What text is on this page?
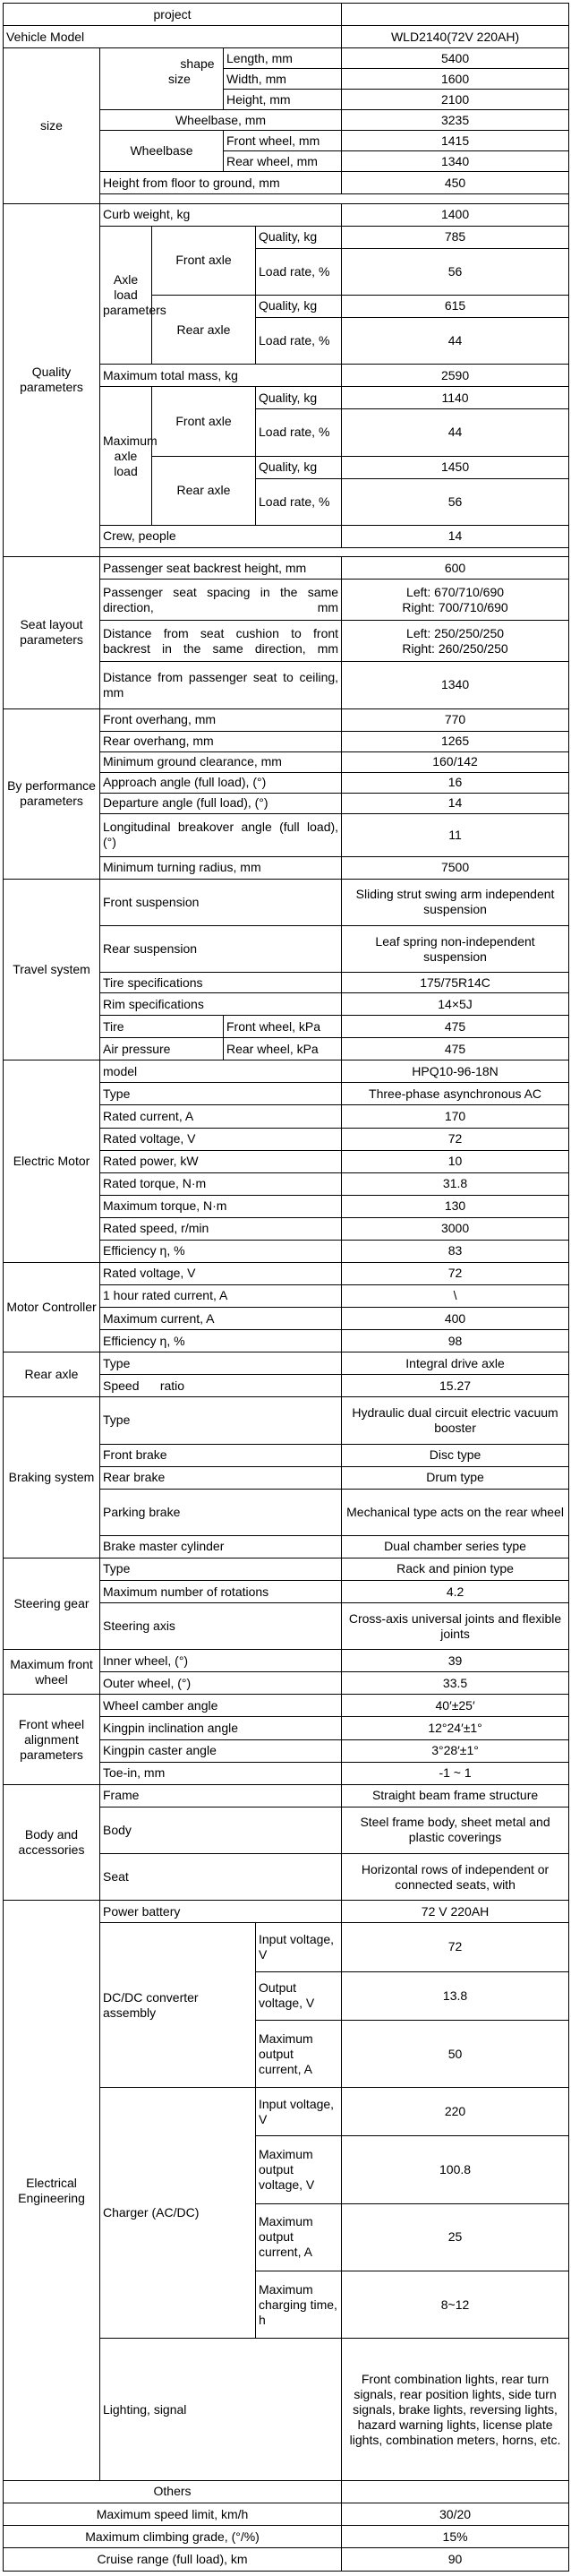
project					
Vehicle Model					WLD2140(72V 220AH)
size	shape
size		Length, mm		5400
			Width, mm		1600
			Height, mm		2100
	Wheelbase, mm				3235
	Wheelbase		Front wheel, mm		1415
			Rear wheel, mm		1340
	Height from floor to ground, mm				450

Quality parameters	Curb weight, kg				1400
	Axle load parameters	Front axle		Quality, kg	785
				Load rate, %	56
		Rear axle		Quality, kg	615
				Load rate, %	44
	Maximum total mass, kg				2590
	Maximum axle load	Front axle		Quality, kg	1140
				Load rate, %	44
		Rear axle		Quality, kg	1450
				Load rate, %	56
	Crew, people				14

Seat layout parameters	Passenger seat backrest height, mm				600
	Passenger seat spacing in the same direction, mm				Left: 670/710/690
Right: 700/710/690

	Distance from seat cushion to front backrest in the same direction, mm				Left: 250/250/250
Right: 260/250/250

	Distance from passenger seat to ceiling, mm				1340
By performance parameters	Front overhang, mm				770
	Rear overhang, mm				1265
	Minimum ground clearance, mm				160/142
	Approach angle (full load), (°)				16
	Departure angle (full load), (°)				14
	Longitudinal breakover angle (full load), (°)				11
	Minimum turning radius, mm				7500
Travel system	Front suspension				Sliding strut swing arm independent suspension
	Rear suspension				Leaf spring non-independent suspension
	Tire specifications				175/75R14C
	Rim specifications				14×5J
	Tire		Front wheel, kPa		475
	Air pressure		Rear wheel, kPa		475
Electric Motor	model				HPQ10-96-18N
	Type				Three-phase asynchronous AC
	Rated current, A				170
	Rated voltage, V				72
	Rated power, kW				10
	Rated torque, N·m				31.8
	Maximum torque, N·m				130
	Rated speed, r/min				3000
	Efficiency η, %				83
Motor Controller	Rated voltage, V				72
	1 hour rated current, A				\
	Maximum current, A				400
	Efficiency η, %				98
Rear axle	Type				Integral drive axle
	Speed      ratio				15.27
Braking system	Type				Hydraulic dual circuit electric vacuum booster
	Front brake				Disc type
	Rear brake				Drum type
	Parking brake				Mechanical type acts on the rear wheel
	Brake master cylinder				Dual chamber series type
Steering gear	Type				Rack and pinion type
	Maximum number of rotations				4.2
	Steering axis				Cross-axis universal joints and flexible joints
Maximum front wheel	Inner wheel, (°)				39
	Outer wheel, (°)				33.5
Front wheel alignment parameters	Wheel camber angle				40′±25′
	Kingpin inclination angle				12°24′±1°
	Kingpin caster angle				3°28′±1°
	Toe-in, mm				-1 ~ 1
Body and accessories	Frame				Straight beam frame structure
	Body				Steel frame body, sheet metal and plastic coverings
	Seat				Horizontal rows of independent or connected seats, with
Electrical Engineering	Power battery				72 V 220AH
	DC/DC converter assembly			Input voltage, V	72
				Output voltage, V	13.8
				Maximum output current, A	50
	Charger (AC/DC)			Input voltage, V	220
				Maximum output voltage, V	100.8
				Maximum output current, A	25
				Maximum charging time, h	8~12
	Lighting, signal				Front combination lights, rear turn signals, rear position lights, side turn signals, brake lights, reversing lights, hazard warning lights, license plate lights, combination meters, horns, etc.
Others					
Maximum speed limit, km/h					30/20
Maximum climbing grade, (°/%)					15%
Cruise range (full load), km					90
